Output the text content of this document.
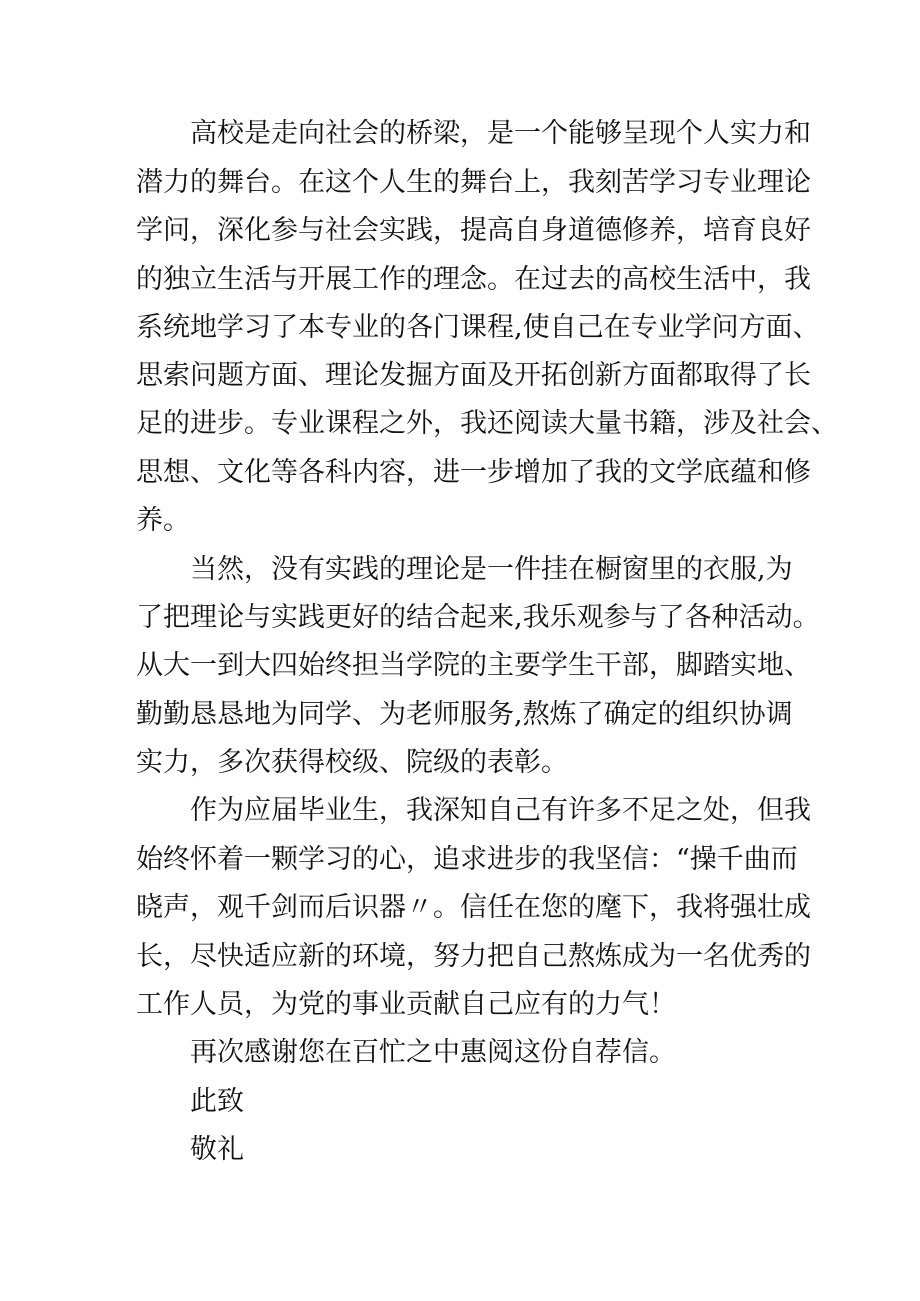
高校是走向社会的桥梁，是一个能够呈现个人实力和
潜力的舞台。在这个人生的舞台上，我刻苦学习专业理论
学问，深化参与社会实践，提高自身道德修养，培育良好
的独立生活与开展工作的理念。在过去的高校生活中，我
系统地学习了本专业的各门课程,使自己在专业学问方面、
思索问题方面、理论发掘方面及开拓创新方面都取得了长
足的进步。专业课程之外，我还阅读大量书籍，涉及社会、
思想、文化等各科内容，进一步增加了我的文学底蕴和修
养。
当然，没有实践的理论是一件挂在橱窗里的衣服,为
了把理论与实践更好的结合起来,我乐观参与了各种活动。
从大一到大四始终担当学院的主要学生干部，脚踏实地、
勤勤恳恳地为同学、为老师服务,熬炼了确定的组织协调
实力，多次获得校级、院级的表彰。
作为应届毕业生，我深知自己有许多不足之处，但我
始终怀着一颗学习的心，追求进步的我坚信：“操千曲而
晓声，观千剑而后识器〃。信任在您的麾下，我将强壮成
长，尽快适应新的环境，努力把自己熬炼成为一名优秀的
工作人员，为党的事业贡献自己应有的力气！
再次感谢您在百忙之中惠阅这份自荐信。
此致
敬礼
